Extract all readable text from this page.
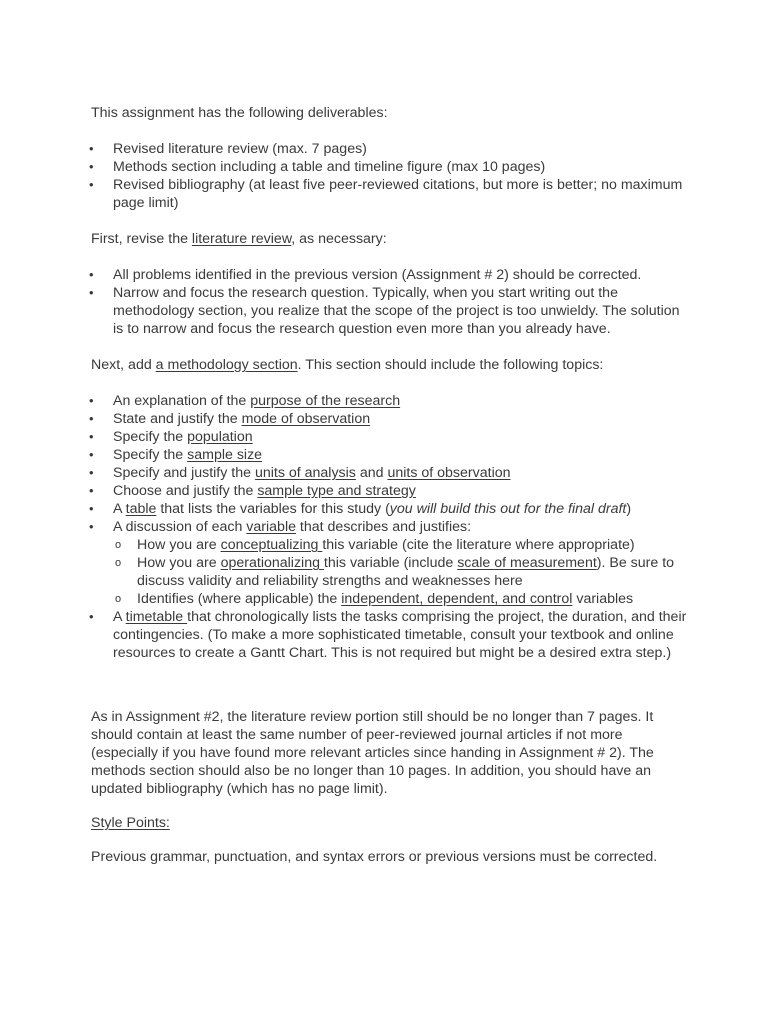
This assignment has the following deliverables:

• Revised literature review (max. 7 pages)
• Methods section including a table and timeline figure (max 10 pages)
• Revised bibliography (at least five peer-reviewed citations, but more is better; no maximum page limit)

First, revise the literature review, as necessary:

• All problems identified in the previous version (Assignment # 2) should be corrected.
• Narrow and focus the research question. Typically, when you start writing out the methodology section, you realize that the scope of the project is too unwieldy. The solution is to narrow and focus the research question even more than you already have.

Next, add a methodology section. This section should include the following topics:

• An explanation of the purpose of the research
• State and justify the mode of observation
• Specify the population
• Specify the sample size
• Specify and justify the units of analysis and units of observation
• Choose and justify the sample type and strategy
• A table that lists the variables for this study (you will build this out for the final draft)
• A discussion of each variable that describes and justifies:
o How you are conceptualizing this variable (cite the literature where appropriate)
o How you are operationalizing this variable (include scale of measurement). Be sure to discuss validity and reliability strengths and weaknesses here
o Identifies (where applicable) the independent, dependent, and control variables
• A timetable that chronologically lists the tasks comprising the project, the duration, and their contingencies. (To make a more sophisticated timetable, consult your textbook and online resources to create a Gantt Chart. This is not required but might be a desired extra step.)

As in Assignment #2, the literature review portion still should be no longer than 7 pages. It should contain at least the same number of peer-reviewed journal articles if not more (especially if you have found more relevant articles since handing in Assignment # 2). The methods section should also be no longer than 10 pages. In addition, you should have an updated bibliography (which has no page limit).

Style Points:

Previous grammar, punctuation, and syntax errors or previous versions must be corrected.
